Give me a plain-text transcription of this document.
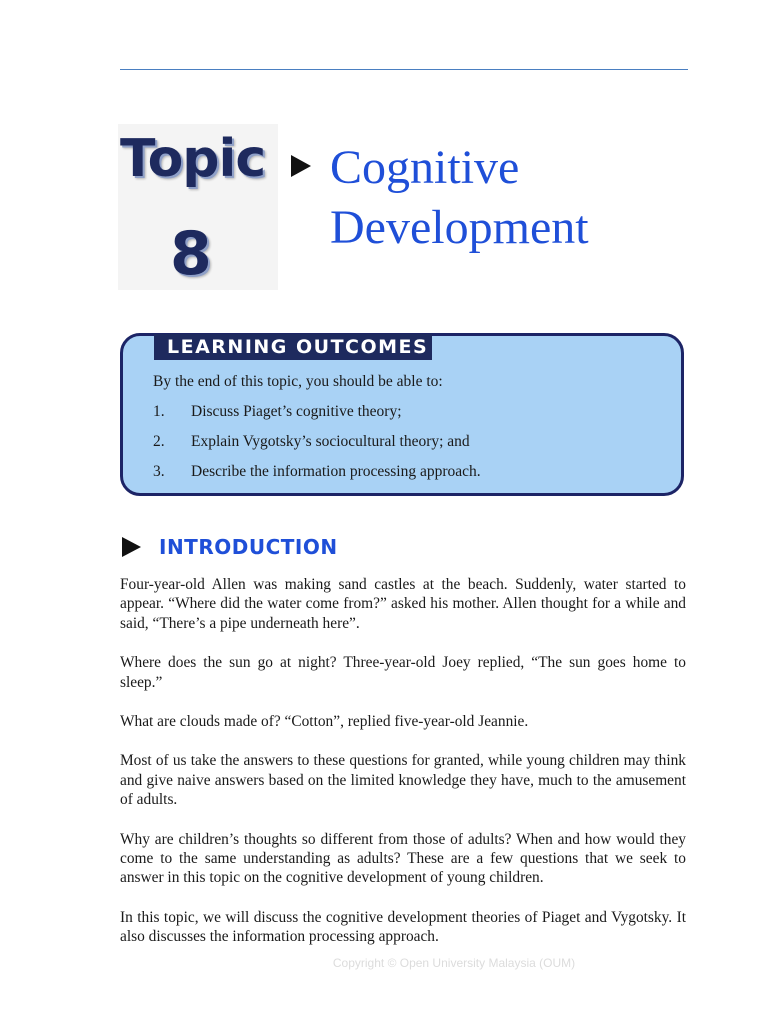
Topic
8
Cognitive
Development
LEARNING OUTCOMES
By the end of this topic, you should be able to:
1. Discuss Piaget’s cognitive theory;
2. Explain Vygotsky’s sociocultural theory; and
3. Describe the information processing approach.
INTRODUCTION

Four-year-old Allen was making sand castles at the beach. Suddenly, water started to appear. “Where did the water come from?” asked his mother. Allen thought for a while and said, “There’s a pipe underneath here”.

Where does the sun go at night? Three-year-old Joey replied, “The sun goes home to sleep.”

What are clouds made of? “Cotton”, replied five-year-old Jeannie.

Most of us take the answers to these questions for granted, while young children may think and give naive answers based on the limited knowledge they have, much to the amusement of adults.

Why are children’s thoughts so different from those of adults? When and how would they come to the same understanding as adults? These are a few questions that we seek to answer in this topic on the cognitive development of young children.

In this topic, we will discuss the cognitive development theories of Piaget and Vygotsky. It also discusses the information processing approach.

Copyright © Open University Malaysia (OUM)
